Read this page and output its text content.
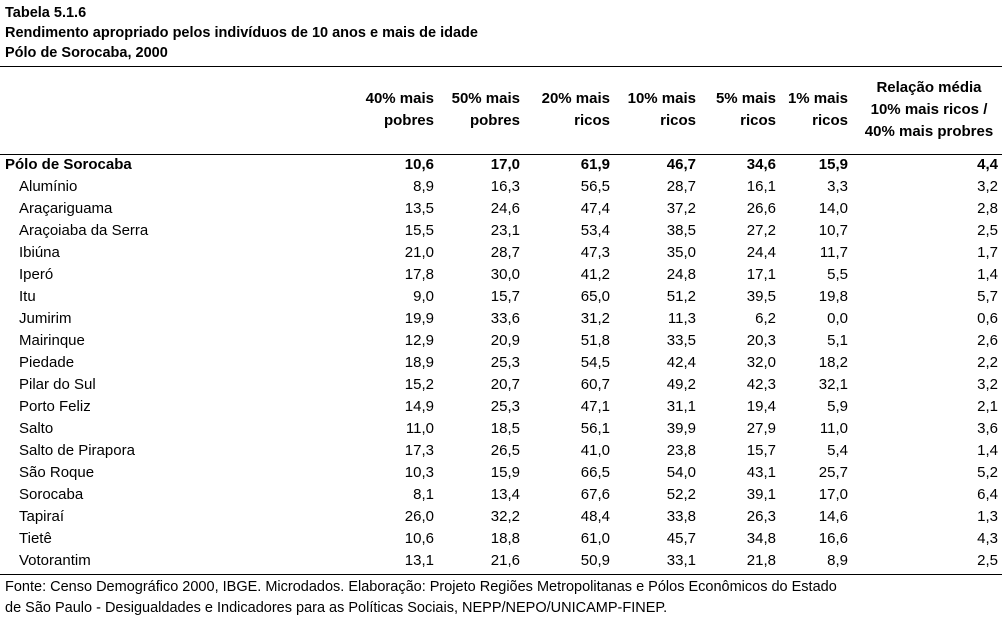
Tabela 5.1.6
Rendimento apropriado pelos indivíduos de 10 anos e mais de idade
Pólo de Sorocaba, 2000
	40% mais
pobres	50% mais
pobres	20% mais
ricos	10% mais
ricos	5% mais
ricos	1% mais
ricos	Relação média
10% mais ricos /
40% mais probres
Pólo de Sorocaba	10,6	17,0	61,9	46,7	34,6	15,9	4,4
Alumínio	8,9	16,3	56,5	28,7	16,1	3,3	3,2
Araçariguama	13,5	24,6	47,4	37,2	26,6	14,0	2,8
Araçoiaba da Serra	15,5	23,1	53,4	38,5	27,2	10,7	2,5
Ibiúna	21,0	28,7	47,3	35,0	24,4	11,7	1,7
Iperó	17,8	30,0	41,2	24,8	17,1	5,5	1,4
Itu	9,0	15,7	65,0	51,2	39,5	19,8	5,7
Jumirim	19,9	33,6	31,2	11,3	6,2	0,0	0,6
Mairinque	12,9	20,9	51,8	33,5	20,3	5,1	2,6
Piedade	18,9	25,3	54,5	42,4	32,0	18,2	2,2
Pilar do Sul	15,2	20,7	60,7	49,2	42,3	32,1	3,2
Porto Feliz	14,9	25,3	47,1	31,1	19,4	5,9	2,1
Salto	11,0	18,5	56,1	39,9	27,9	11,0	3,6
Salto de Pirapora	17,3	26,5	41,0	23,8	15,7	5,4	1,4
São Roque	10,3	15,9	66,5	54,0	43,1	25,7	5,2
Sorocaba	8,1	13,4	67,6	52,2	39,1	17,0	6,4
Tapiraí	26,0	32,2	48,4	33,8	26,3	14,6	1,3
Tietê	10,6	18,8	61,0	45,7	34,8	16,6	4,3
Votorantim	13,1	21,6	50,9	33,1	21,8	8,9	2,5
Fonte: Censo Demográfico 2000, IBGE. Microdados. Elaboração: Projeto Regiões Metropolitanas e Pólos Econômicos do Estado
de São Paulo - Desigualdades e Indicadores para as Políticas Sociais, NEPP/NEPO/UNICAMP-FINEP.
